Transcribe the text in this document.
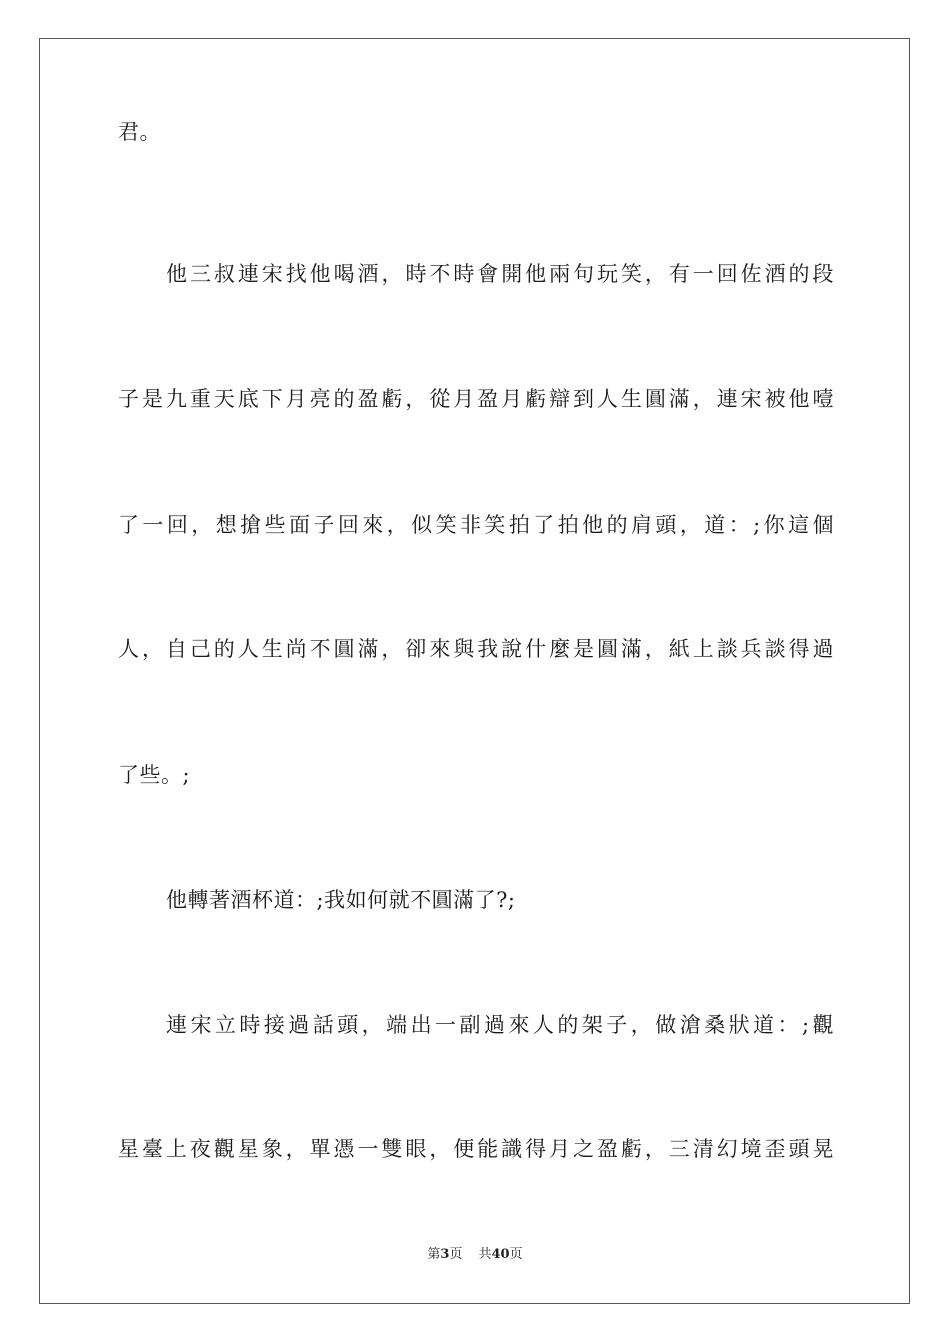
君。
他三叔連宋找他喝酒，時不時會開他兩句玩笑，有一回佐酒的段
子是九重天底下月亮的盈虧，從月盈月虧辯到人生圓滿，連宋被他噎
了一回，想搶些面子回來，似笑非笑拍了拍他的肩頭，道：;你這個
人，自己的人生尚不圓滿，卻來與我說什麼是圓滿，紙上談兵談得過
了些。;
他轉著酒杯道：;我如何就不圓滿了?;
連宋立時接過話頭，端出一副過來人的架子，做滄桑狀道：;觀
星臺上夜觀星象，單憑一雙眼，便能識得月之盈虧，三清幻境歪頭晃
第3页 共40页
